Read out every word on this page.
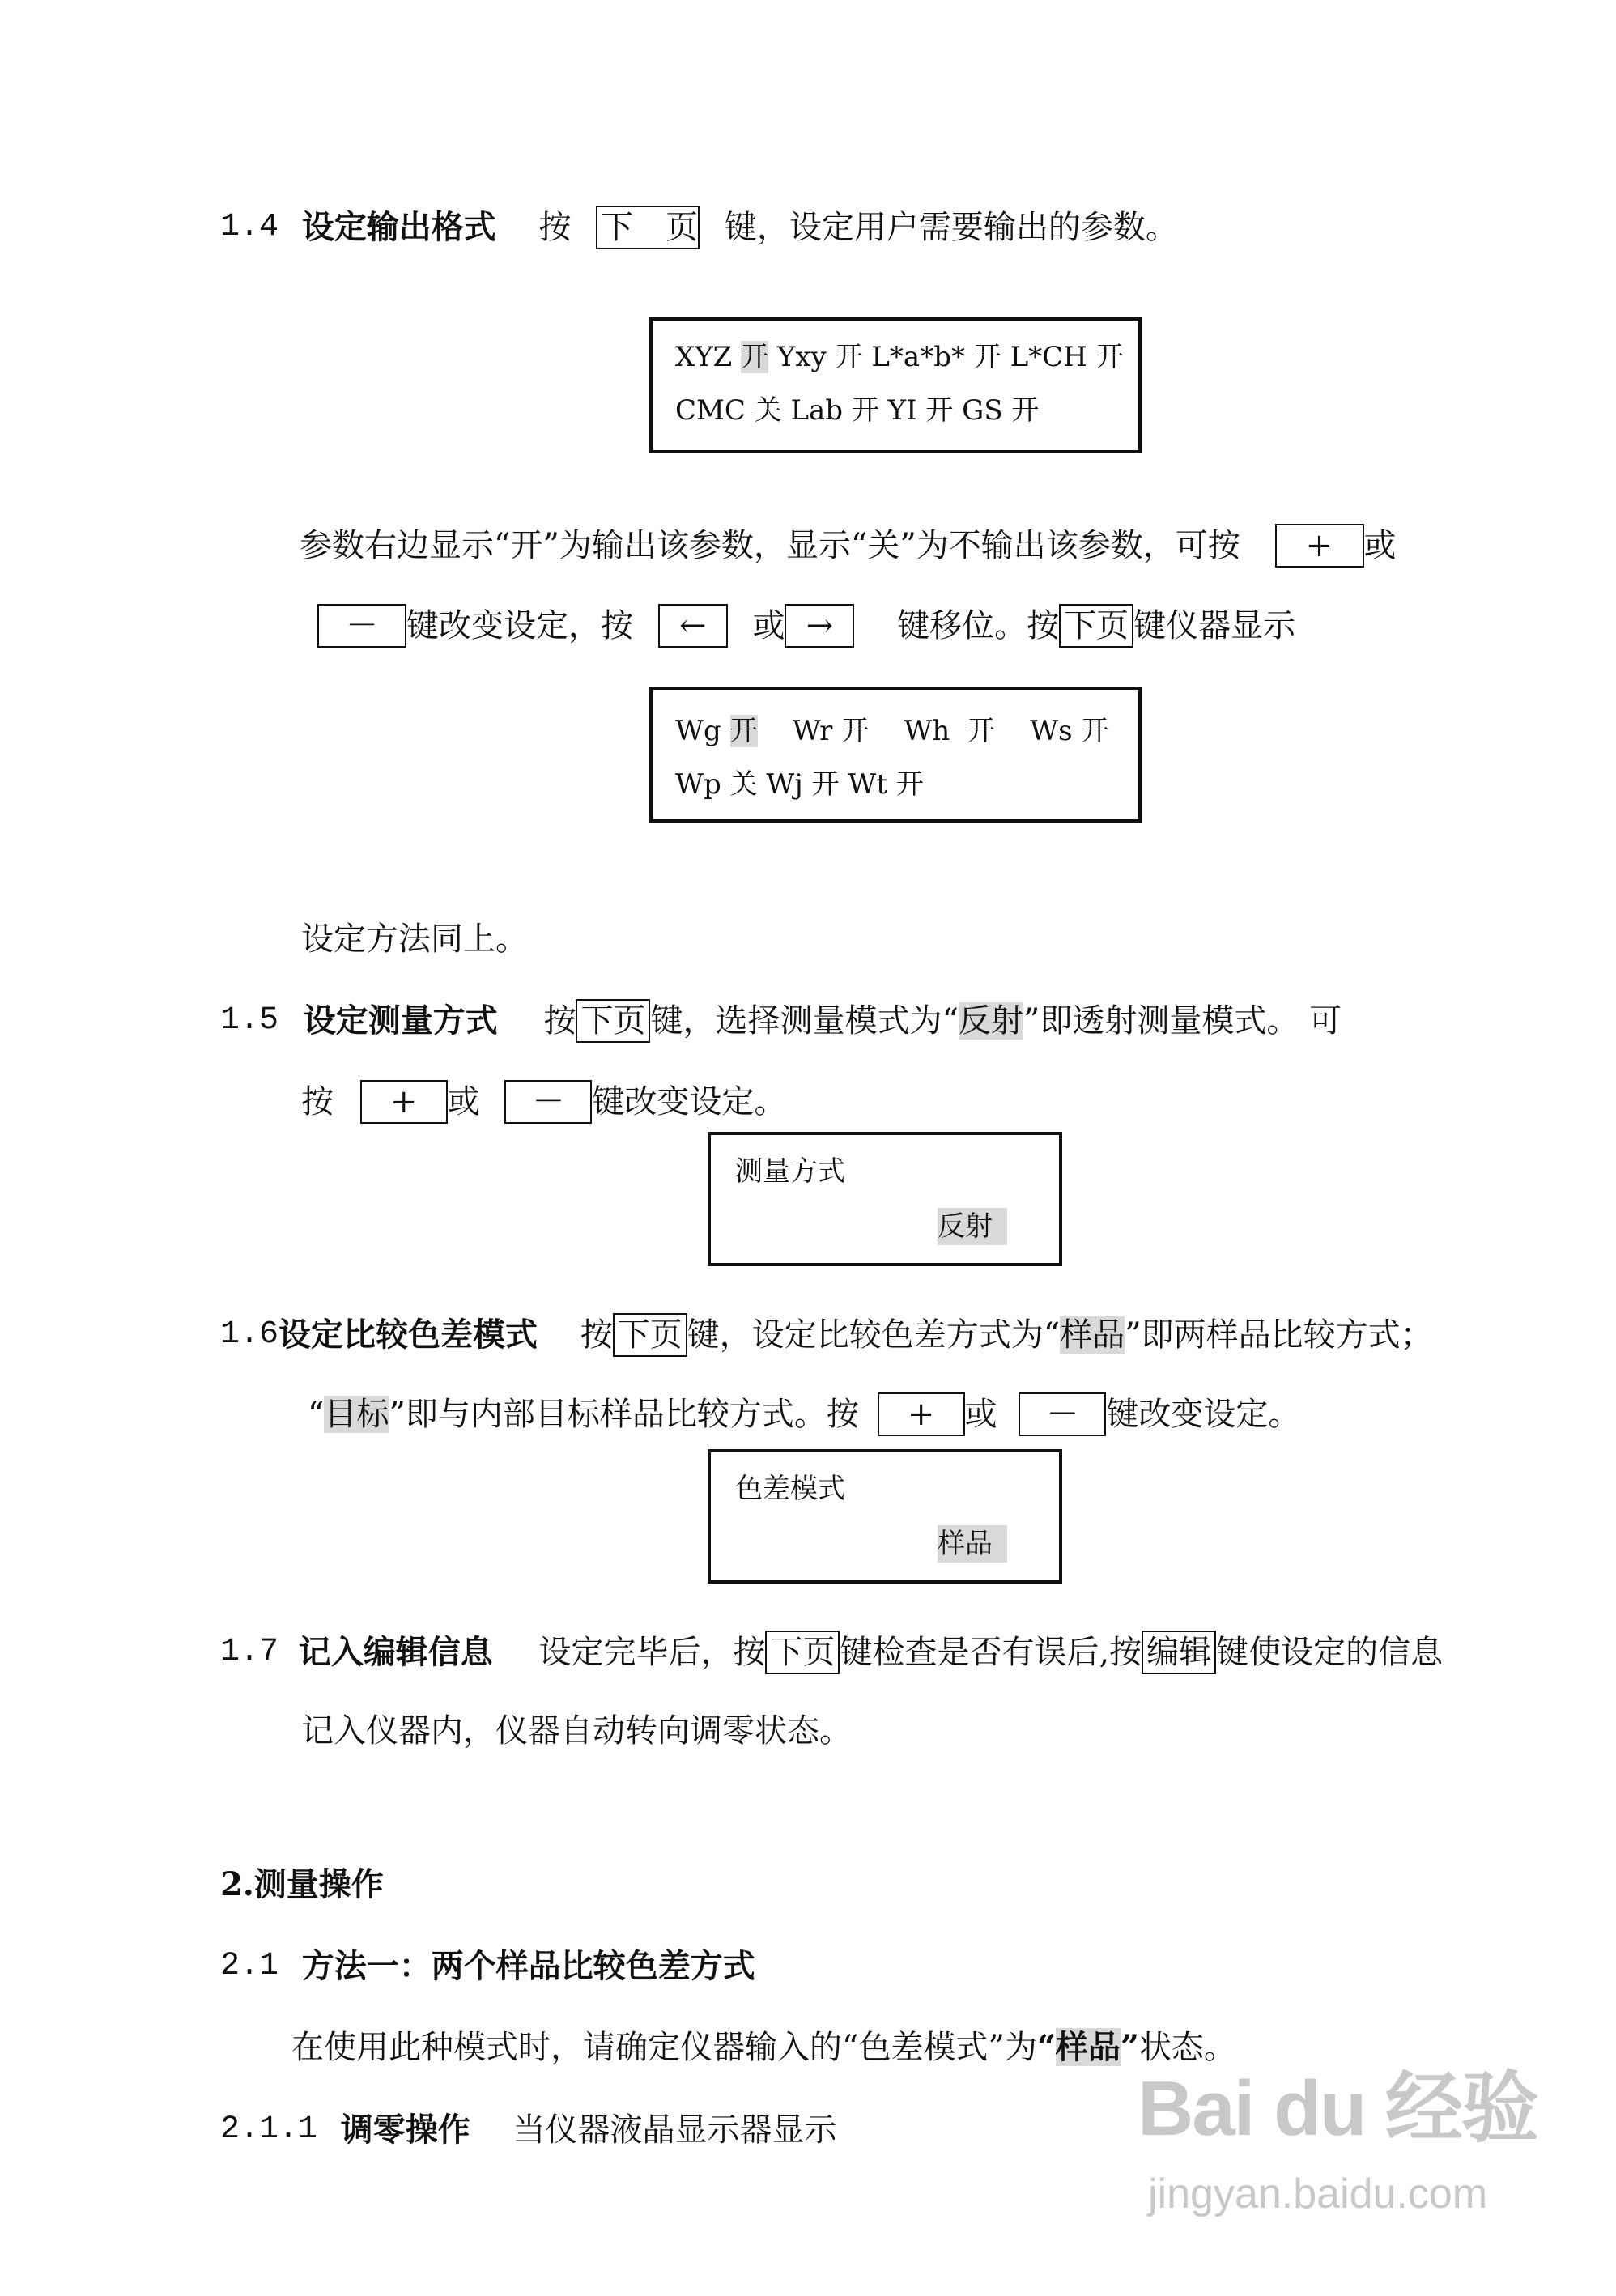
1.4 设定输出格式 按 下　页 键，设定用户需要输出的参数。
XYZ 开 Yxy 开 L*a*b* 开 L*CH 开
CMC 关 Lab 开 YI 开 GS 开
参数右边显示“开”为输出该参数，显示“关”为不输出该参数，可按 + 或
－ 键改变设定，按 ← 或 → 键移位。按 下页 键仪器显示
Wg 开 Wr 开    Wh  开    Ws 开
Wp 关 Wj 开 Wt 开
设定方法同上。
1.5 设定测量方式 按 下页 键，选择测量模式为“反射”即透射测量模式。 可
按 + 或 － 键改变设定。
测量方式
反射
1.6设定比较色差模式 按 下页 键，设定比较色差方式为“样品”即两样品比较方式；
“目标”即与内部目标样品比较方式。按 + 或 － 键改变设定。
色差模式
样品
1.7 记入编辑信息 设定完毕后，按 下页 键检查是否有误后,按 编辑 键使设定的信息
记入仪器内，仪器自动转向调零状态。
2.测量操作
2.1 方法一：两个样品比较色差方式
在使用此种模式时，请确定仪器输入的“色差模式”为“样品”状态。
2.1.1 调零操作 当仪器液晶显示器显示	Bai du 经验
jingyan.baidu.com
